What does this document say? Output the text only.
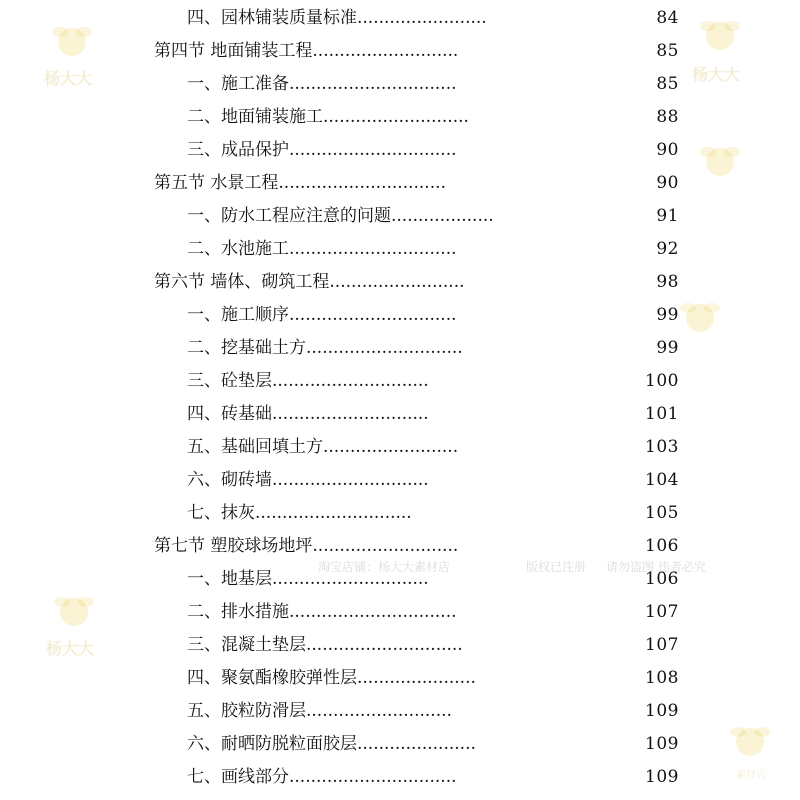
杨大大	杨大大
杨大大
素材店
淘宝店铺：杨大大素材店	版权已注册 请勿盗图 违者必究
四、园林铺装质量标准........................	84
第四节 地面铺装工程...........................	85
一、施工准备...............................	85
二、地面铺装施工...........................	88
三、成品保护...............................	90
第五节 水景工程...............................	90
一、防水工程应注意的问题...................	91
二、水池施工...............................	92
第六节 墙体、砌筑工程.........................	98
一、施工顺序...............................	99
二、挖基础土方.............................	99
三、砼垫层.............................	100
四、砖基础.............................	101
五、基础回填土方.........................	103
六、砌砖墙.............................	104
七、抹灰.............................	105
第七节 塑胶球场地坪...........................	106
一、地基层.............................	106
二、排水措施...............................	107
三、混凝土垫层.............................	107
四、聚氨酯橡胶弹性层......................	108
五、胶粒防滑层...........................	109
六、耐晒防脱粒面胶层......................	109
七、画线部分...............................	109
